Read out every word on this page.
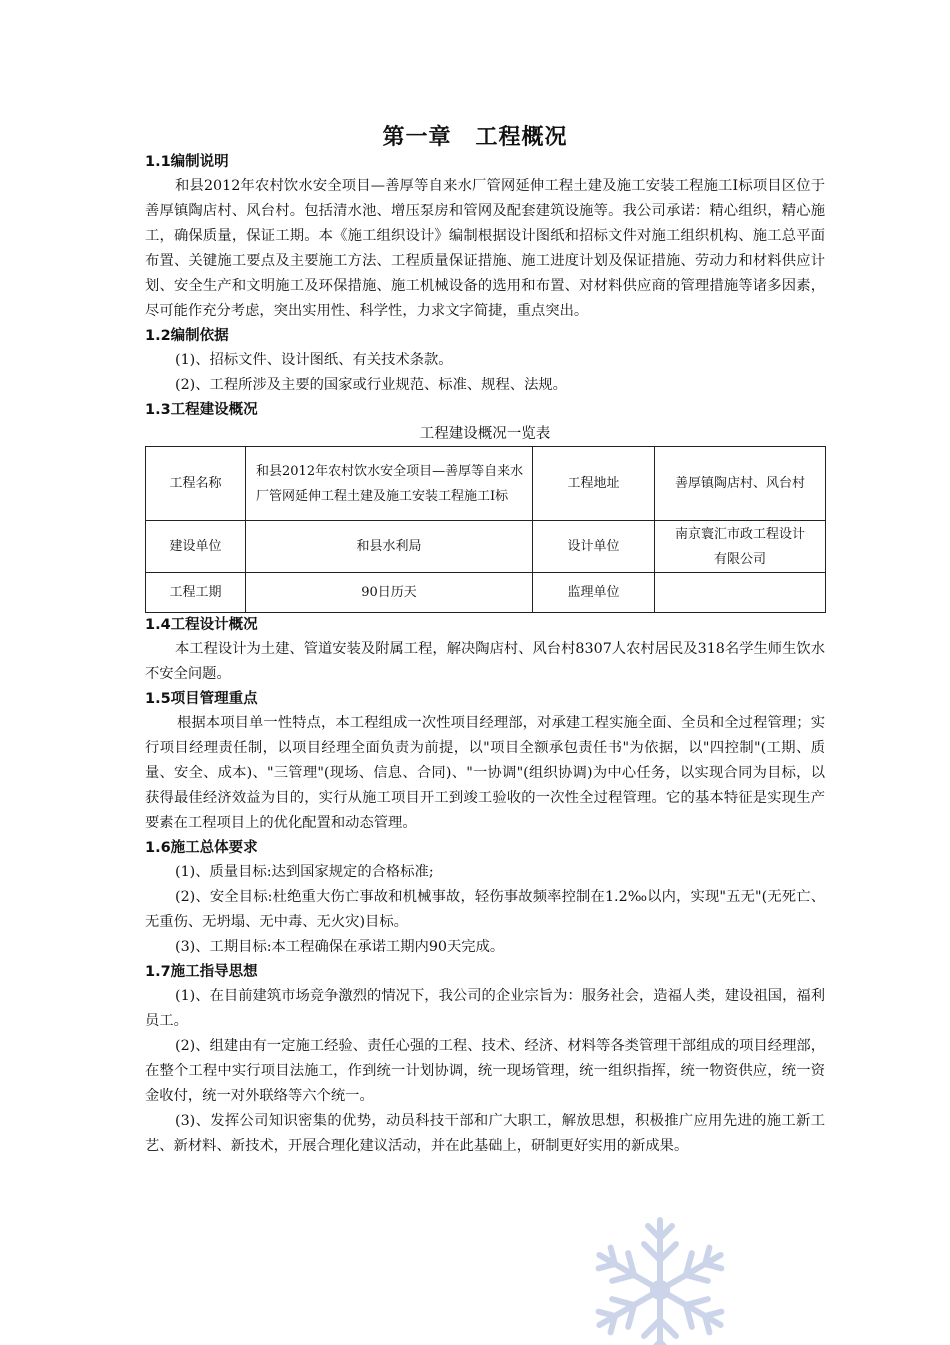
第一章 工程概况
1.1编制说明

和县2012年农村饮水安全项目—善厚等自来水厂管网延伸工程土建及施工安装工程施工Ⅰ标项目区位于善厚镇陶店村、风台村。包括清水池、增压泵房和管网及配套建筑设施等。我公司承诺：精心组织，精心施工，确保质量，保证工期。本《施工组织设计》编制根据设计图纸和招标文件对施工组织机构、施工总平面布置、关键施工要点及主要施工方法、工程质量保证措施、施工进度计划及保证措施、劳动力和材料供应计划、安全生产和文明施工及环保措施、施工机械设备的选用和布置、对材料供应商的管理措施等诸多因素，尽可能作充分考虑，突出实用性、科学性，力求文字简捷，重点突出。

1.2编制依据

(1)、招标文件、设计图纸、有关技术条款。

(2)、工程所涉及主要的国家或行业规范、标准、规程、法规。

1.3工程建设概况
工程建设概况一览表
工程名称	和县2012年农村饮水安全项目—善厚等自来水厂管网延伸工程土建及施工安装工程施工Ⅰ标	工程地址	善厚镇陶店村、风台村
建设单位	和县水利局	设计单位	南京寰汇市政工程设计有限公司
工程工期	90日历天	监理单位	
1.4工程设计概况

本工程设计为土建、管道安装及附属工程，解决陶店村、风台村8307人农村居民及318名学生师生饮水不安全问题。

1.5项目管理重点

根据本项目单一性特点，本工程组成一次性项目经理部，对承建工程实施全面、全员和全过程管理；实行项目经理责任制，以项目经理全面负责为前提，以"项目全额承包责任书"为依据，以"四控制"(工期、质量、安全、成本)、"三管理"(现场、信息、合同)、"一协调"(组织协调)为中心任务，以实现合同为目标，以获得最佳经济效益为目的，实行从施工项目开工到竣工验收的一次性全过程管理。它的基本特征是实现生产要素在工程项目上的优化配置和动态管理。

1.6施工总体要求

(1)、质量目标:达到国家规定的合格标准;

(2)、安全目标:杜绝重大伤亡事故和机械事故，轻伤事故频率控制在1.2‰以内，实现"五无"(无死亡、无重伤、无坍塌、无中毒、无火灾)目标。

(3)、工期目标:本工程确保在承诺工期内90天完成。

1.7施工指导思想

(1)、在目前建筑市场竞争激烈的情况下，我公司的企业宗旨为：服务社会，造福人类，建设祖国，福利员工。

(2)、组建由有一定施工经验、责任心强的工程、技术、经济、材料等各类管理干部组成的项目经理部，在整个工程中实行项目法施工，作到统一计划协调，统一现场管理，统一组织指挥，统一物资供应，统一资金收付，统一对外联络等六个统一。

(3)、发挥公司知识密集的优势，动员科技干部和广大职工，解放思想，积极推广应用先进的施工新工艺、新材料、新技术，开展合理化建议活动，并在此基础上，研制更好实用的新成果。
